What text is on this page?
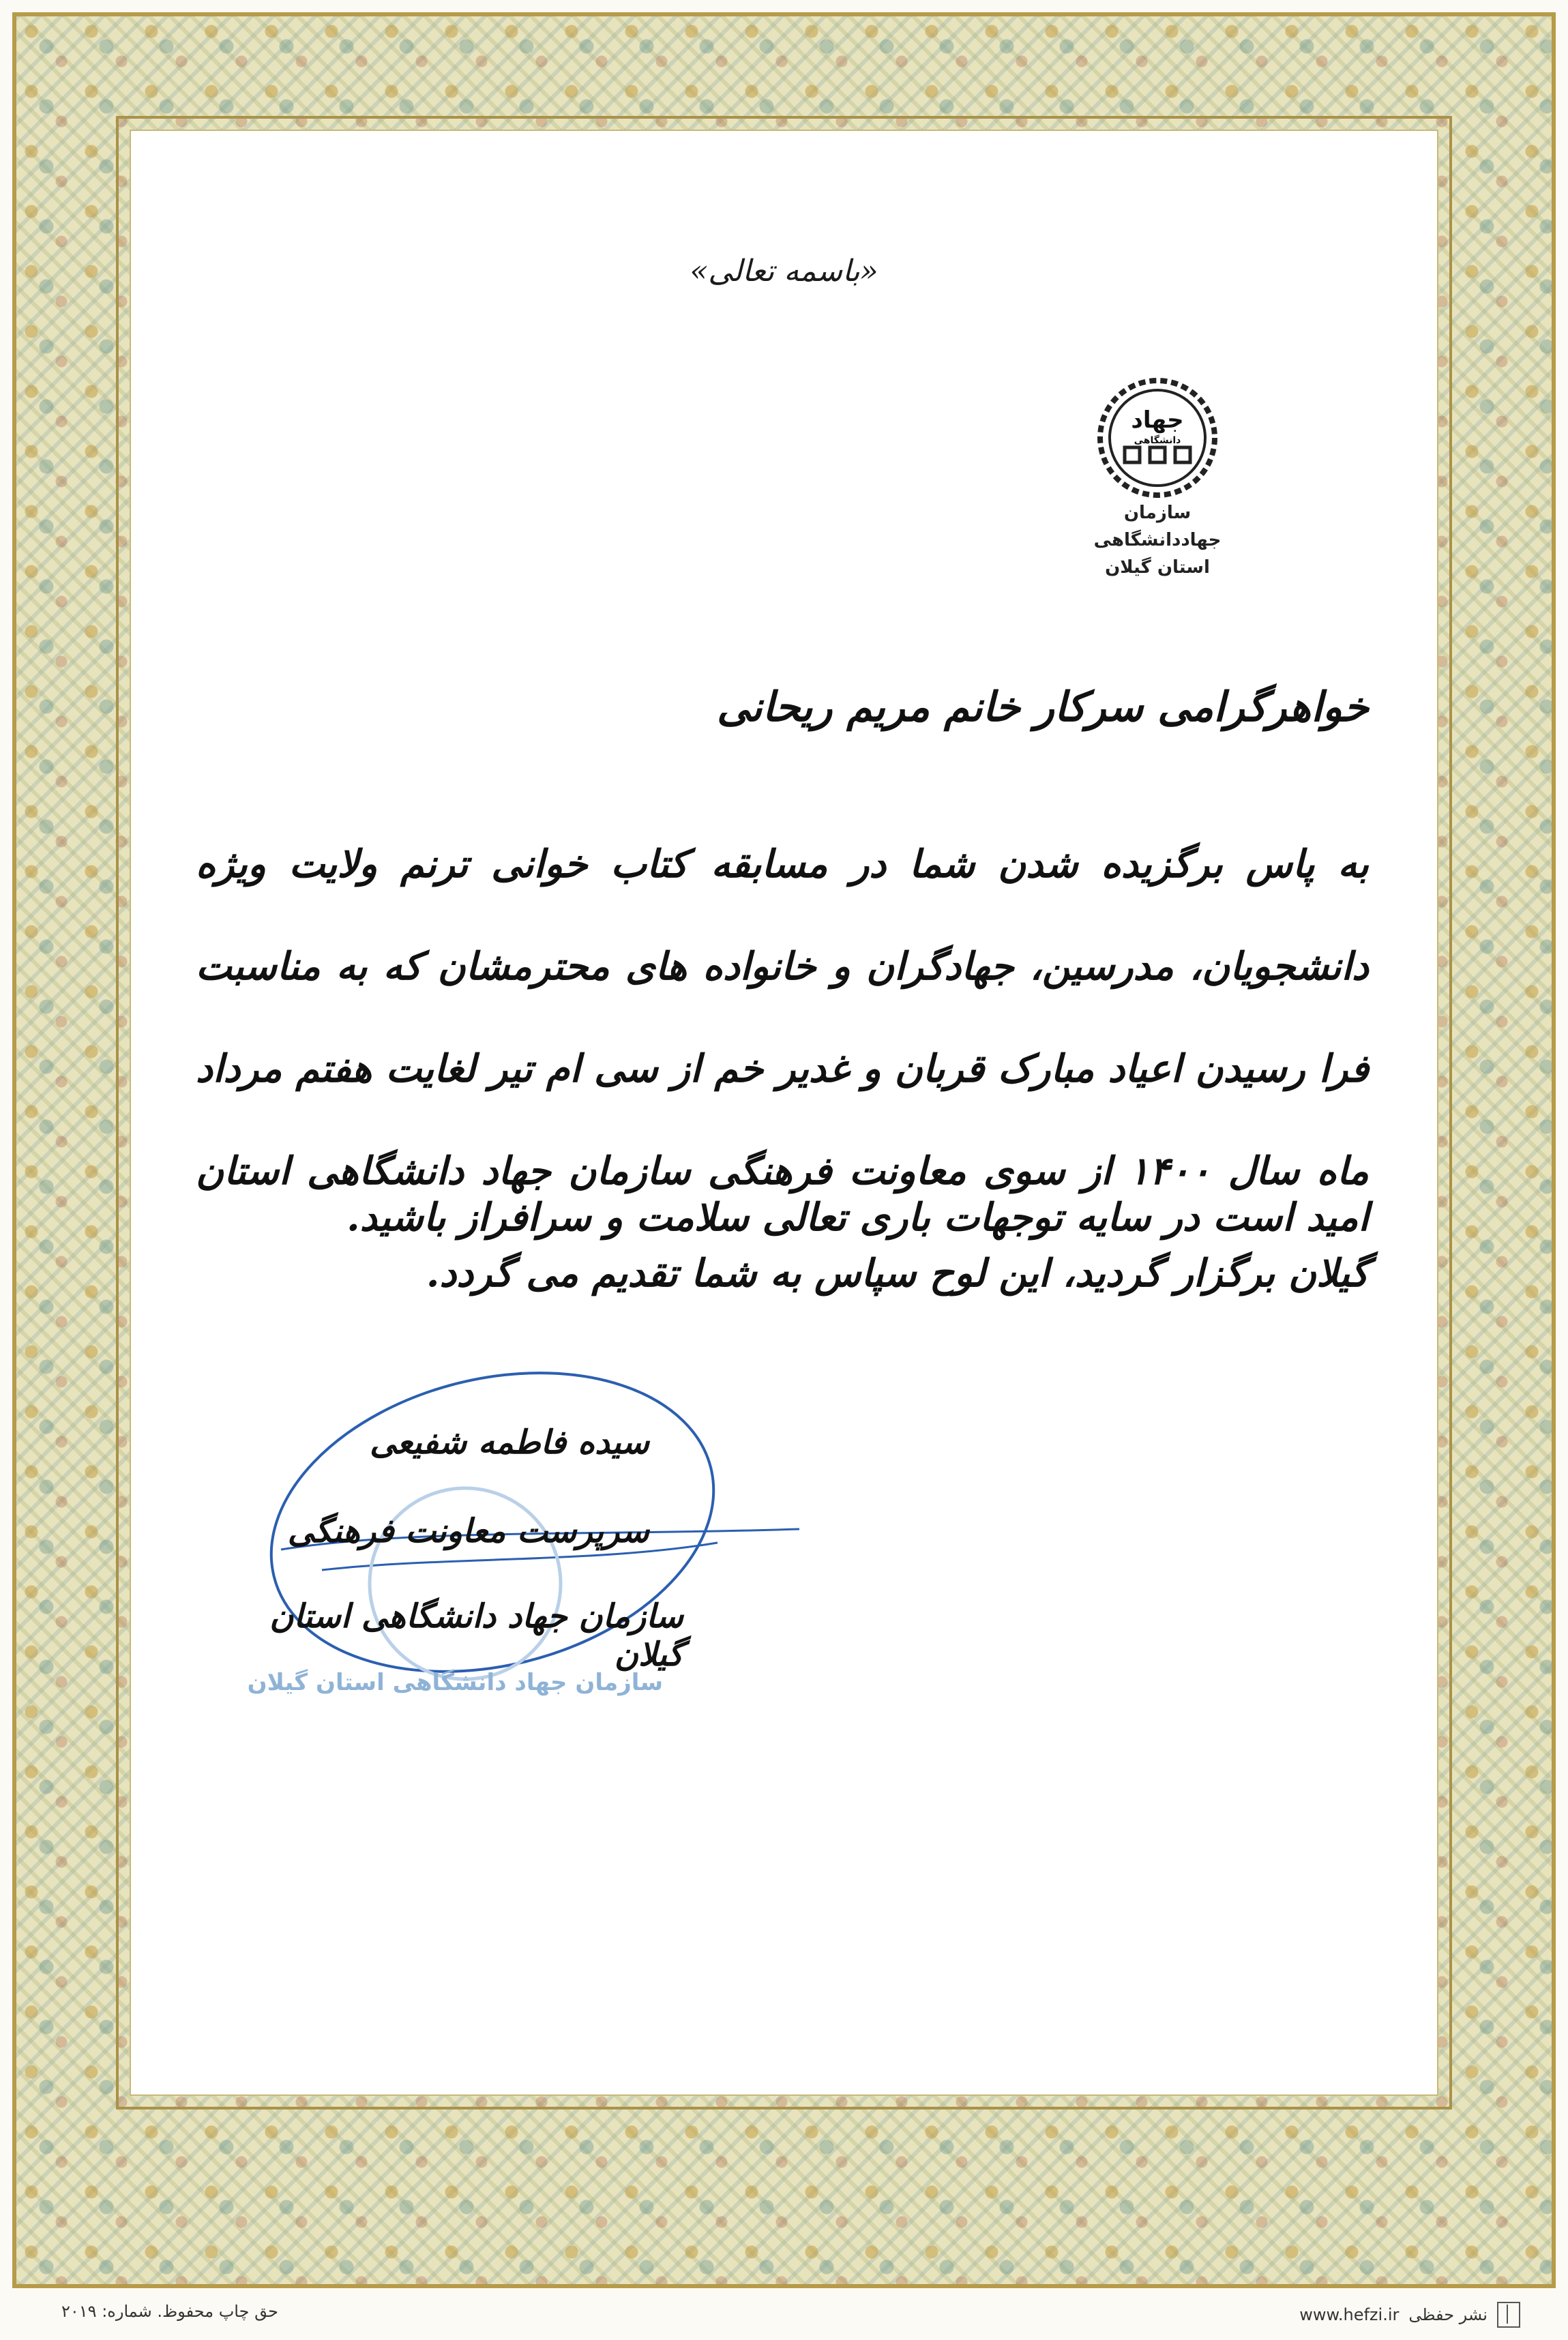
«باسمه تعالی»
جهاد
دانشگاهی
سازمان جهاددانشگاهی
استان گیلان
خواهرگرامی سرکار خانم مریم ریحانی
به پاس برگزیده شدن شما در مسابقه کتاب خوانی ترنم ولایت ویژه دانشجویان، مدرسین، جهادگران و خانواده های محترمشان که به مناسبت فرا رسیدن اعیاد مبارک قربان و غدیر خم از سی ام تیر لغایت هفتم مرداد ماه سال ۱۴۰۰ از سوی معاونت فرهنگی سازمان جهاد دانشگاهی استان گیلان برگزار گردید، این لوح سپاس به شما تقدیم می گردد.
امید است در سایه توجهات باری تعالی سلامت و سرافراز باشید.
سیده فاطمه شفیعی
سرپرست معاونت فرهنگی
سازمان جهاد دانشگاهی استان گیلان
سازمان جهاد دانشگاهی استان گیلان
حق چاپ محفوظ. شماره: ۲۰۱۹	www.hefzi.ir نشر حفظی
